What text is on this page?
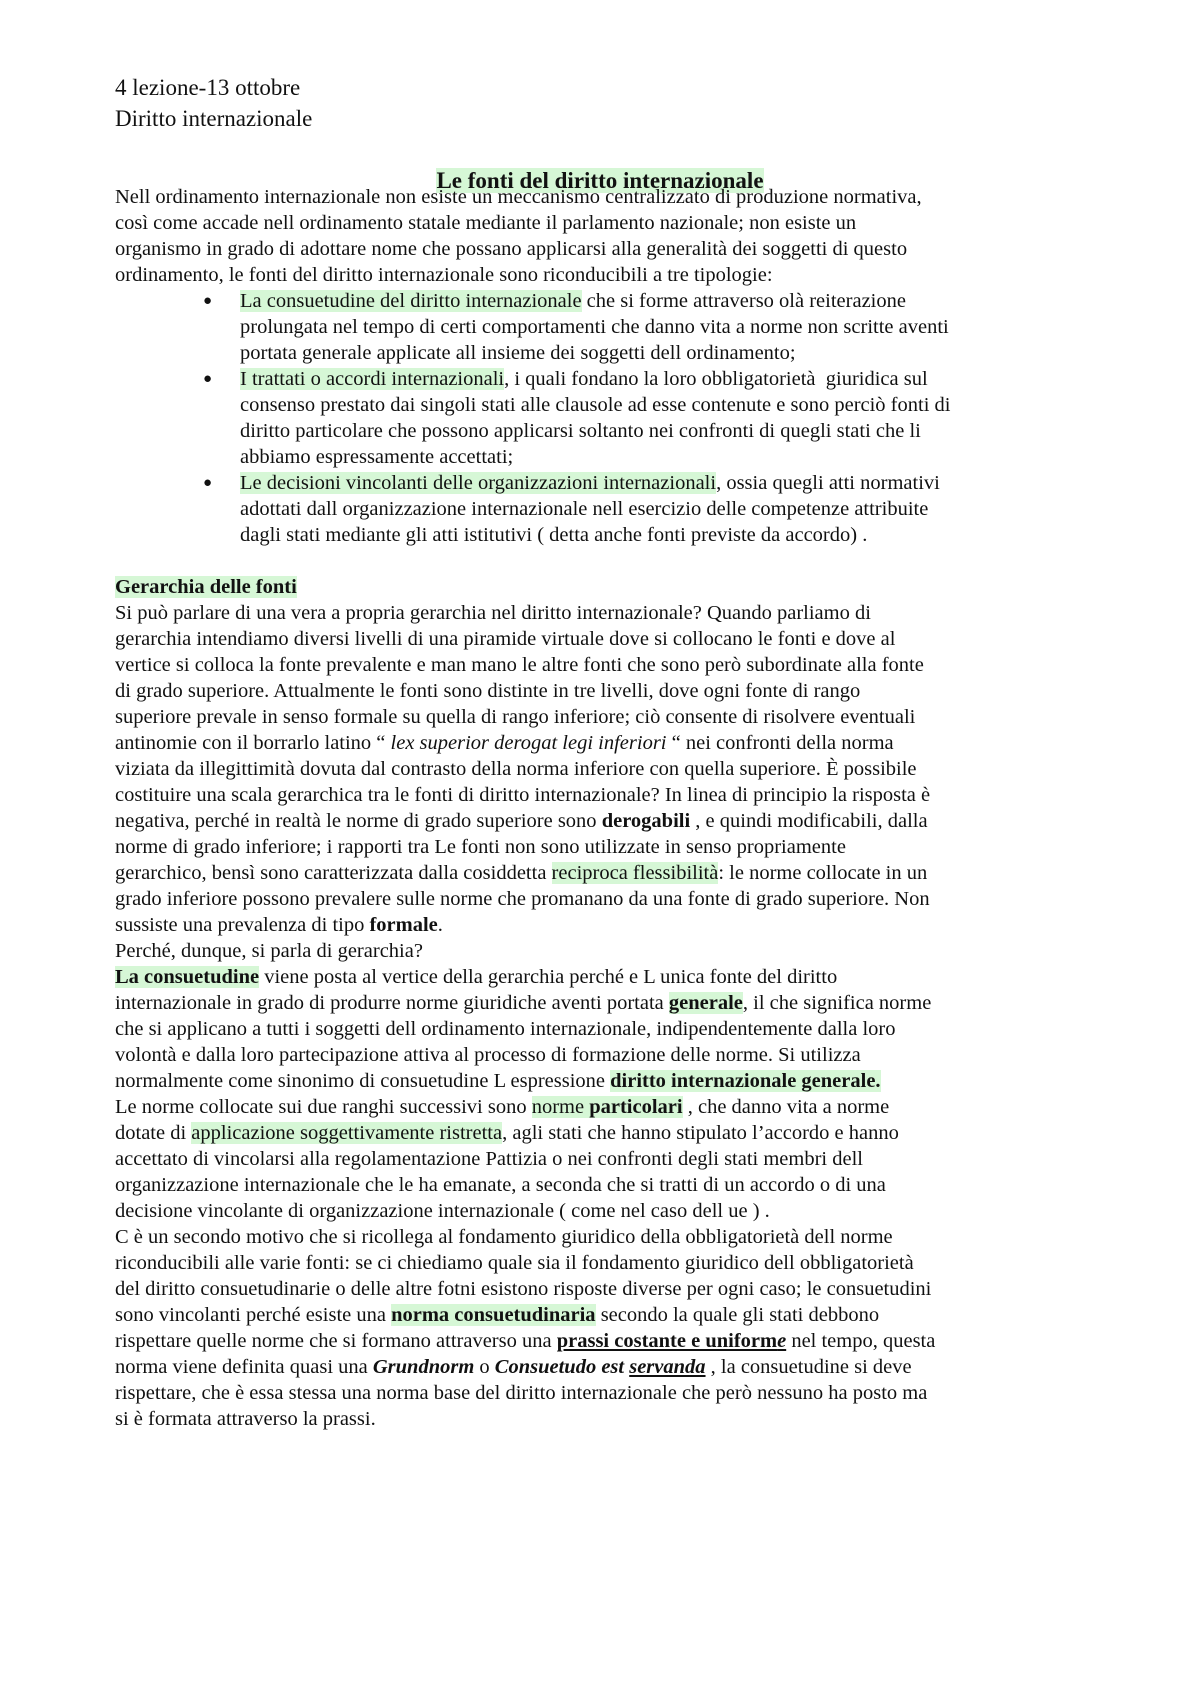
4 lezione-13 ottobre
Diritto internazionale
Le fonti del diritto internazionale
Nell ordinamento internazionale non esiste un meccanismo centralizzato di produzione normativa,
così come accade nell ordinamento statale mediante il parlamento nazionale; non esiste un
organismo in grado di adottare nome che possano applicarsi alla generalità dei soggetti di questo
ordinamento, le fonti del diritto internazionale sono riconducibili a tre tipologie:
● La consuetudine del diritto internazionale che si forme attraverso olà reiterazione
prolungata nel tempo di certi comportamenti che danno vita a norme non scritte aventi
portata generale applicate all insieme dei soggetti dell ordinamento;
● I trattati o accordi internazionali, i quali fondano la loro obbligatorietà  giuridica sul
consenso prestato dai singoli stati alle clausole ad esse contenute e sono perciò fonti di
diritto particolare che possono applicarsi soltanto nei confronti di quegli stati che li
abbiamo espressamente accettati;
● Le decisioni vincolanti delle organizzazioni internazionali, ossia quegli atti normativi
adottati dall organizzazione internazionale nell esercizio delle competenze attribuite
dagli stati mediante gli atti istitutivi ( detta anche fonti previste da accordo) .
Gerarchia delle fonti
Si può parlare di una vera a propria gerarchia nel diritto internazionale? Quando parliamo di
gerarchia intendiamo diversi livelli di una piramide virtuale dove si collocano le fonti e dove al
vertice si colloca la fonte prevalente e man mano le altre fonti che sono però subordinate alla fonte
di grado superiore. Attualmente le fonti sono distinte in tre livelli, dove ogni fonte di rango
superiore prevale in senso formale su quella di rango inferiore; ciò consente di risolvere eventuali
antinomie con il borrarlo latino “ lex superior derogat legi inferiori “ nei confronti della norma
viziata da illegittimità dovuta dal contrasto della norma inferiore con quella superiore. È possibile
costituire una scala gerarchica tra le fonti di diritto internazionale? In linea di principio la risposta è
negativa, perché in realtà le norme di grado superiore sono derogabili , e quindi modificabili, dalla
norme di grado inferiore; i rapporti tra Le fonti non sono utilizzate in senso propriamente
gerarchico, bensì sono caratterizzata dalla cosiddetta reciproca flessibilità: le norme collocate in un
grado inferiore possono prevalere sulle norme che promanano da una fonte di grado superiore. Non
sussiste una prevalenza di tipo formale.
Perché, dunque, si parla di gerarchia?
La consuetudine viene posta al vertice della gerarchia perché e L unica fonte del diritto
internazionale in grado di produrre norme giuridiche aventi portata generale, il che significa norme
che si applicano a tutti i soggetti dell ordinamento internazionale, indipendentemente dalla loro
volontà e dalla loro partecipazione attiva al processo di formazione delle norme. Si utilizza
normalmente come sinonimo di consuetudine L espressione diritto internazionale generale.
Le norme collocate sui due ranghi successivi sono norme particolari , che danno vita a norme
dotate di applicazione soggettivamente ristretta, agli stati che hanno stipulato l’accordo e hanno
accettato di vincolarsi alla regolamentazione Pattizia o nei confronti degli stati membri dell
organizzazione internazionale che le ha emanate, a seconda che si tratti di un accordo o di una
decisione vincolante di organizzazione internazionale ( come nel caso dell ue ) .
C è un secondo motivo che si ricollega al fondamento giuridico della obbligatorietà dell norme
riconducibili alle varie fonti: se ci chiediamo quale sia il fondamento giuridico dell obbligatorietà
del diritto consuetudinarie o delle altre fotni esistono risposte diverse per ogni caso; le consuetudini
sono vincolanti perché esiste una norma consuetudinaria secondo la quale gli stati debbono
rispettare quelle norme che si formano attraverso una prassi costante e uniforme nel tempo, questa
norma viene definita quasi una Grundnorm o Consuetudo est servanda , la consuetudine si deve
rispettare, che è essa stessa una norma base del diritto internazionale che però nessuno ha posto ma
si è formata attraverso la prassi.
